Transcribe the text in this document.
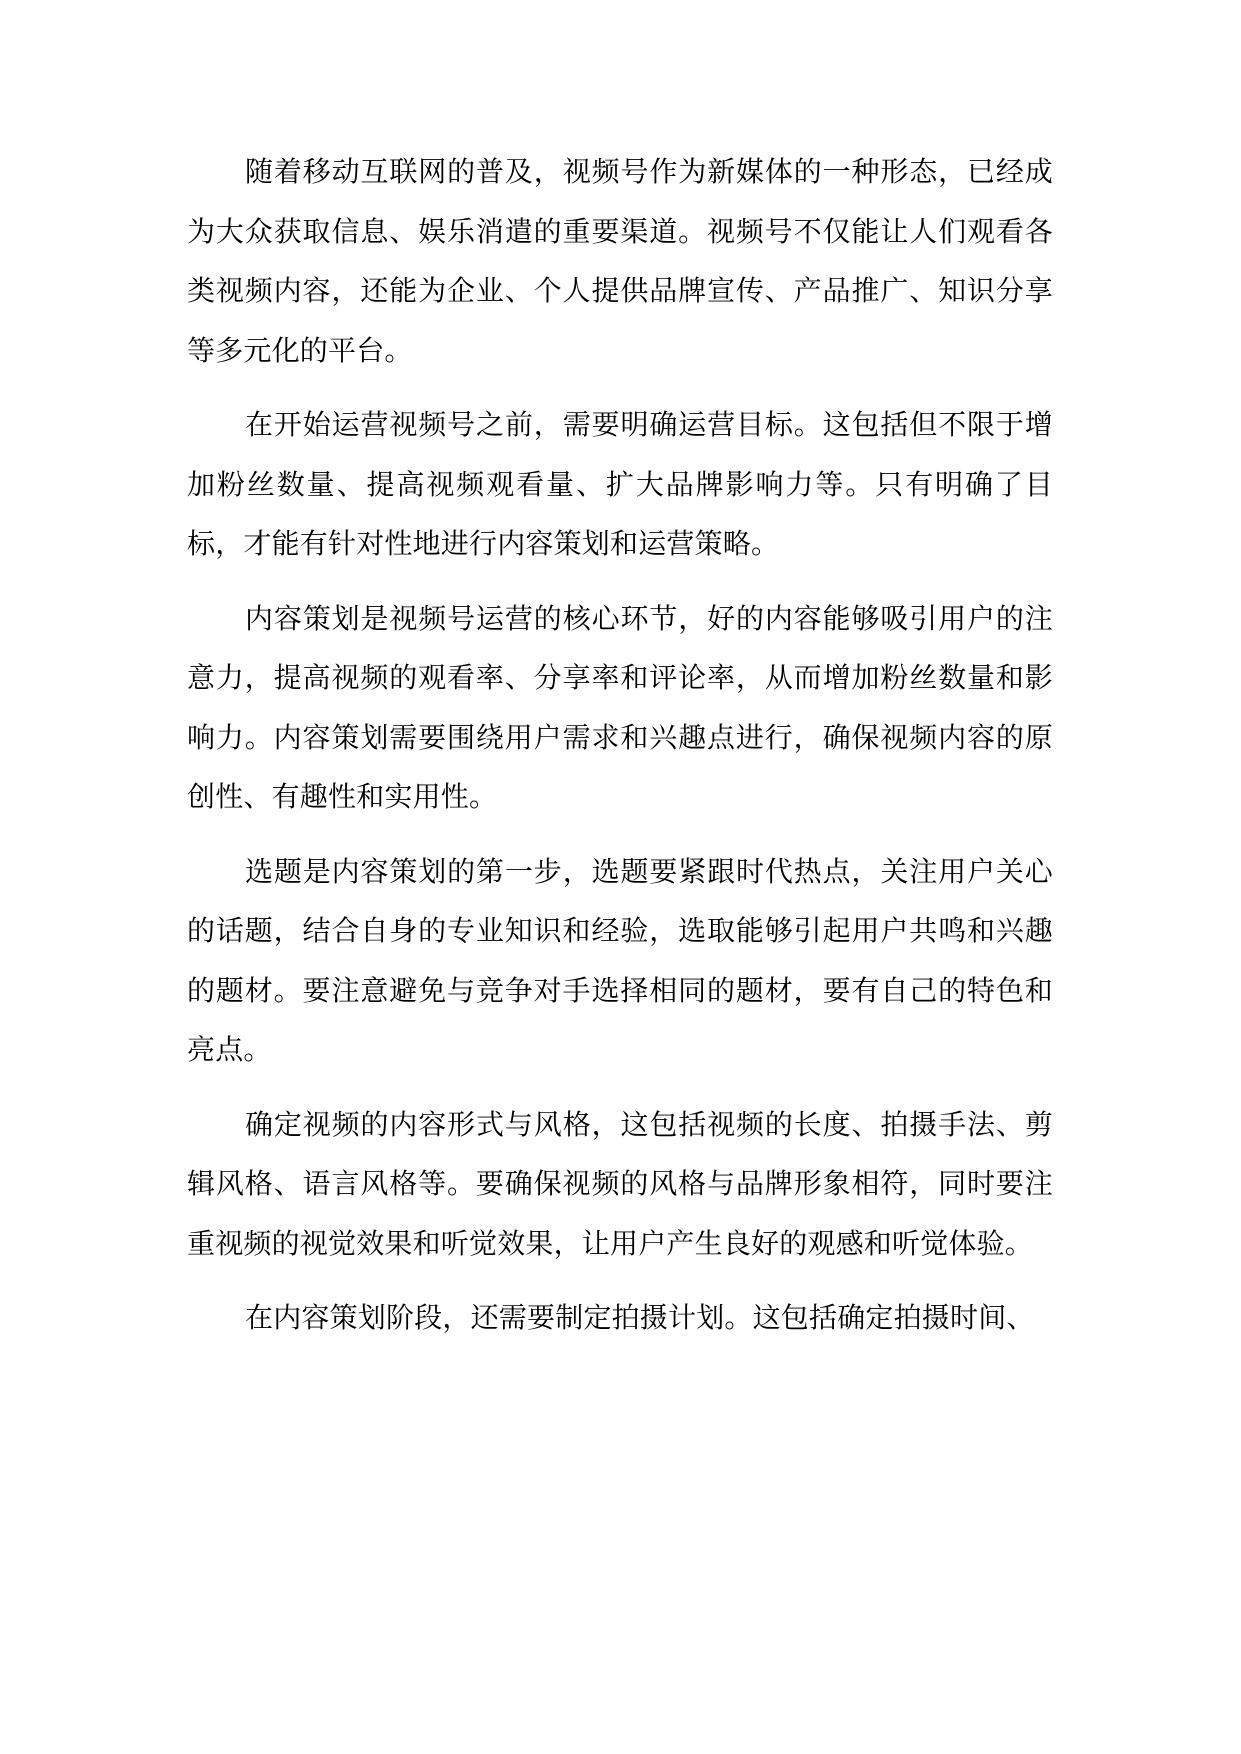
随着移动互联网的普及，视频号作为新媒体的一种形态，已经成为大众获取信息、娱乐消遣的重要渠道。视频号不仅能让人们观看各类视频内容，还能为企业、个人提供品牌宣传、产品推广、知识分享等多元化的平台。

在开始运营视频号之前，需要明确运营目标。这包括但不限于增加粉丝数量、提高视频观看量、扩大品牌影响力等。只有明确了目标，才能有针对性地进行内容策划和运营策略。

内容策划是视频号运营的核心环节，好的内容能够吸引用户的注意力，提高视频的观看率、分享率和评论率，从而增加粉丝数量和影响力。内容策划需要围绕用户需求和兴趣点进行，确保视频内容的原创性、有趣性和实用性。

选题是内容策划的第一步，选题要紧跟时代热点，关注用户关心的话题，结合自身的专业知识和经验，选取能够引起用户共鸣和兴趣的题材。要注意避免与竞争对手选择相同的题材，要有自己的特色和亮点。

确定视频的内容形式与风格，这包括视频的长度、拍摄手法、剪辑风格、语言风格等。要确保视频的风格与品牌形象相符，同时要注重视频的视觉效果和听觉效果，让用户产生良好的观感和听觉体验。

在内容策划阶段，还需要制定拍摄计划。这包括确定拍摄时间、
